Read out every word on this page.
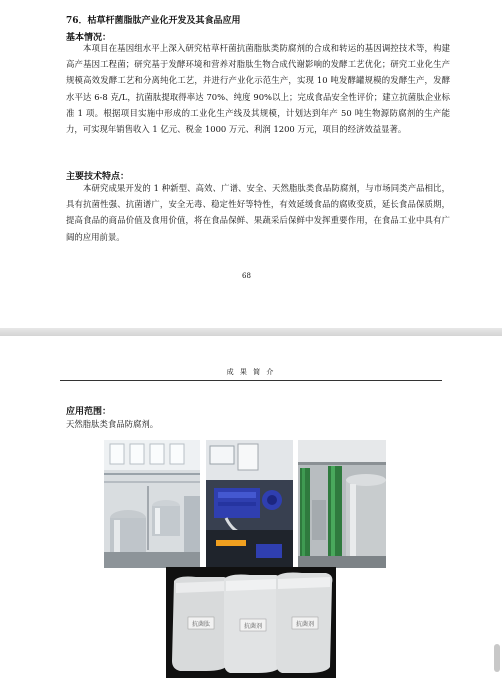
76．枯草杆菌脂肽产业化开发及其食品应用
基本情况：
本项目在基因组水平上深入研究枯草杆菌抗菌脂肽类防腐剂的合成和转运的基因调控技术等，构建高产基因工程菌；研究基于发酵环境和营养对脂肽生物合成代谢影响的发酵工艺优化；研究工业化生产规模高效发酵工艺和分离纯化工艺，并进行产业化示范生产，实现 10 吨发酵罐规模的发酵生产，发酵水平达 6-8 克/L，抗菌肽提取得率达 70%、纯度 90%以上；完成食品安全性评价；建立抗菌肽企业标准 1 项。根据项目实施中形成的工业化生产线及其规模，计划达到年产 50 吨生物源防腐剂的生产能力，可实现年销售收入 1 亿元、税金 1000 万元、利润 1200 万元，项目的经济效益显著。
主要技术特点：
本研究成果开发的 1 种新型、高效、广谱、安全、天然脂肽类食品防腐剂，与市场同类产品相比，具有抗菌性强、抗菌谱广，安全无毒、稳定性好等特性，有效延缓食品的腐败变质，延长食品保质期，提高食品的商品价值及食用价值，将在食品保鲜、果蔬采后保鲜中发挥重要作用，在食品工业中具有广阔的应用前景。
68
成 果 简 介
应用范围：
天然脂肽类食品防腐剂。
抗菌肽	抗菌剂	抗菌剂
